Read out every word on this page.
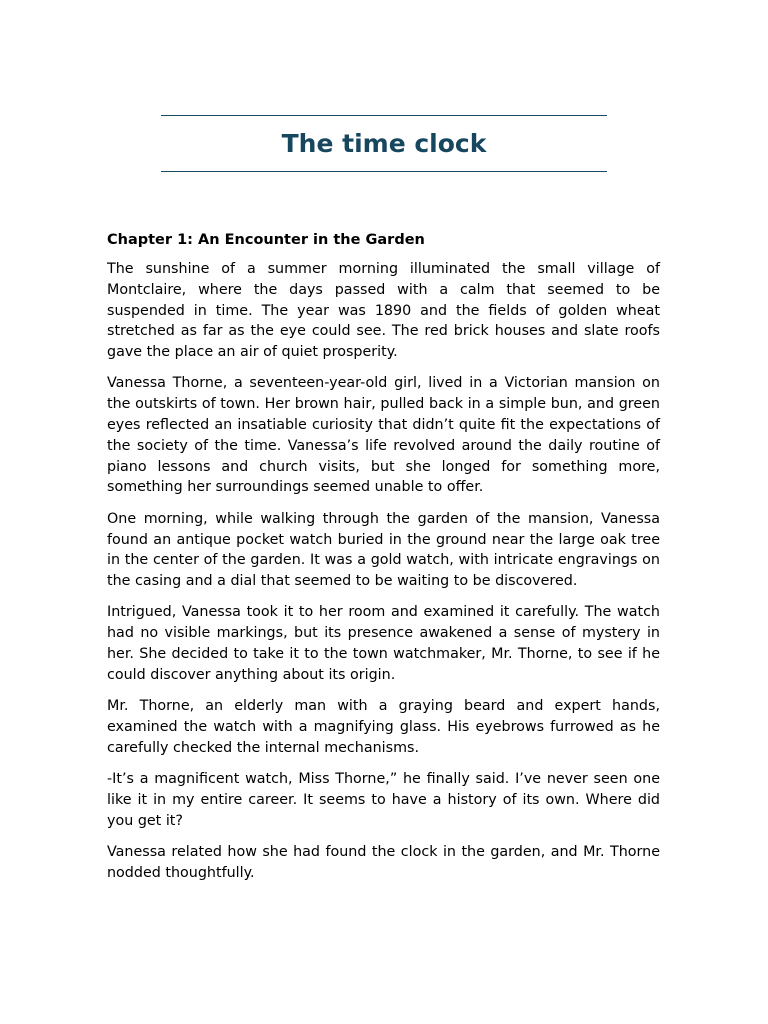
The time clock
Chapter 1: An Encounter in the Garden

The sunshine of a summer morning illuminated the small village of Montclaire, where the days passed with a calm that seemed to be suspended in time. The year was 1890 and the fields of golden wheat stretched as far as the eye could see. The red brick houses and slate roofs gave the place an air of quiet prosperity.

Vanessa Thorne, a seventeen-year-old girl, lived in a Victorian mansion on the outskirts of town. Her brown hair, pulled back in a simple bun, and green eyes reflected an insatiable curiosity that didn’t quite fit the expectations of the society of the time. Vanessa’s life revolved around the daily routine of piano lessons and church visits, but she longed for something more, something her surroundings seemed unable to offer.

One morning, while walking through the garden of the mansion, Vanessa found an antique pocket watch buried in the ground near the large oak tree in the center of the garden. It was a gold watch, with intricate engravings on the casing and a dial that seemed to be waiting to be discovered.

Intrigued, Vanessa took it to her room and examined it carefully. The watch had no visible markings, but its presence awakened a sense of mystery in her. She decided to take it to the town watchmaker, Mr. Thorne, to see if he could discover anything about its origin.

Mr. Thorne, an elderly man with a graying beard and expert hands, examined the watch with a magnifying glass. His eyebrows furrowed as he carefully checked the internal mechanisms.

-It’s a magnificent watch, Miss Thorne,” he finally said. I’ve never seen one like it in my entire career. It seems to have a history of its own. Where did you get it?

Vanessa related how she had found the clock in the garden, and Mr. Thorne nodded thoughtfully.
